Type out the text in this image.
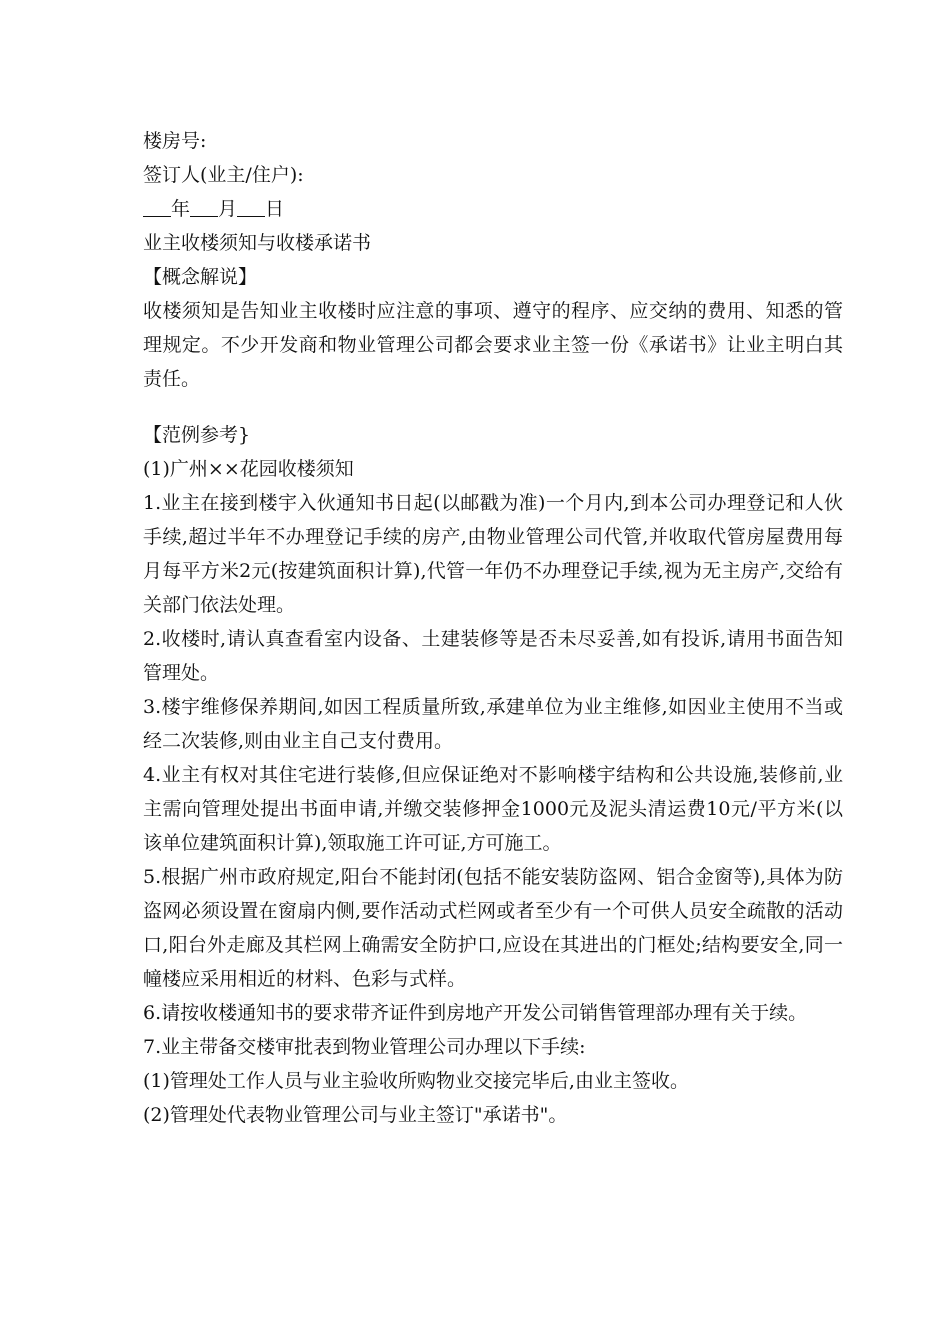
楼房号:

签订人(业主/住户):

年 月 日

业主收楼须知与收楼承诺书

【概念解说】

收楼须知是告知业主收楼时应注意的事项、遵守的程序、应交纳的费用、知悉的管理规定。不少开发商和物业管理公司都会要求业主签一份《承诺书》让业主明白其责任。

【范例参考}

(1)广州××花园收楼须知

1.业主在接到楼宇入伙通知书日起(以邮戳为准)一个月内,到本公司办理登记和人伙手续,超过半年不办理登记手续的房产,由物业管理公司代管,并收取代管房屋费用每月每平方米2元(按建筑面积计算),代管一年仍不办理登记手续,视为无主房产,交给有关部门依法处理。

2.收楼时,请认真查看室内设备、土建装修等是否未尽妥善,如有投诉,请用书面告知管理处。

3.楼宇维修保养期间,如因工程质量所致,承建单位为业主维修,如因业主使用不当或经二次装修,则由业主自己支付费用。

4.业主有权对其住宅进行装修,但应保证绝对不影响楼宇结构和公共设施,装修前,业主需向管理处提出书面申请,并缴交装修押金1000元及泥头清运费10元/平方米(以该单位建筑面积计算),领取施工许可证,方可施工。

5.根据广州市政府规定,阳台不能封闭(包括不能安装防盗网、铝合金窗等),具体为防盗网必须设置在窗扇内侧,要作活动式栏网或者至少有一个可供人员安全疏散的活动口,阳台外走廊及其栏网上确需安全防护口,应设在其进出的门框处;结构要安全,同一幢楼应采用相近的材料、色彩与式样。

6.请按收楼通知书的要求带齐证件到房地产开发公司销售管理部办理有关于续。

7.业主带备交楼审批表到物业管理公司办理以下手续:

(1)管理处工作人员与业主验收所购物业交接完毕后,由业主签收。

(2)管理处代表物业管理公司与业主签订"承诺书"。
